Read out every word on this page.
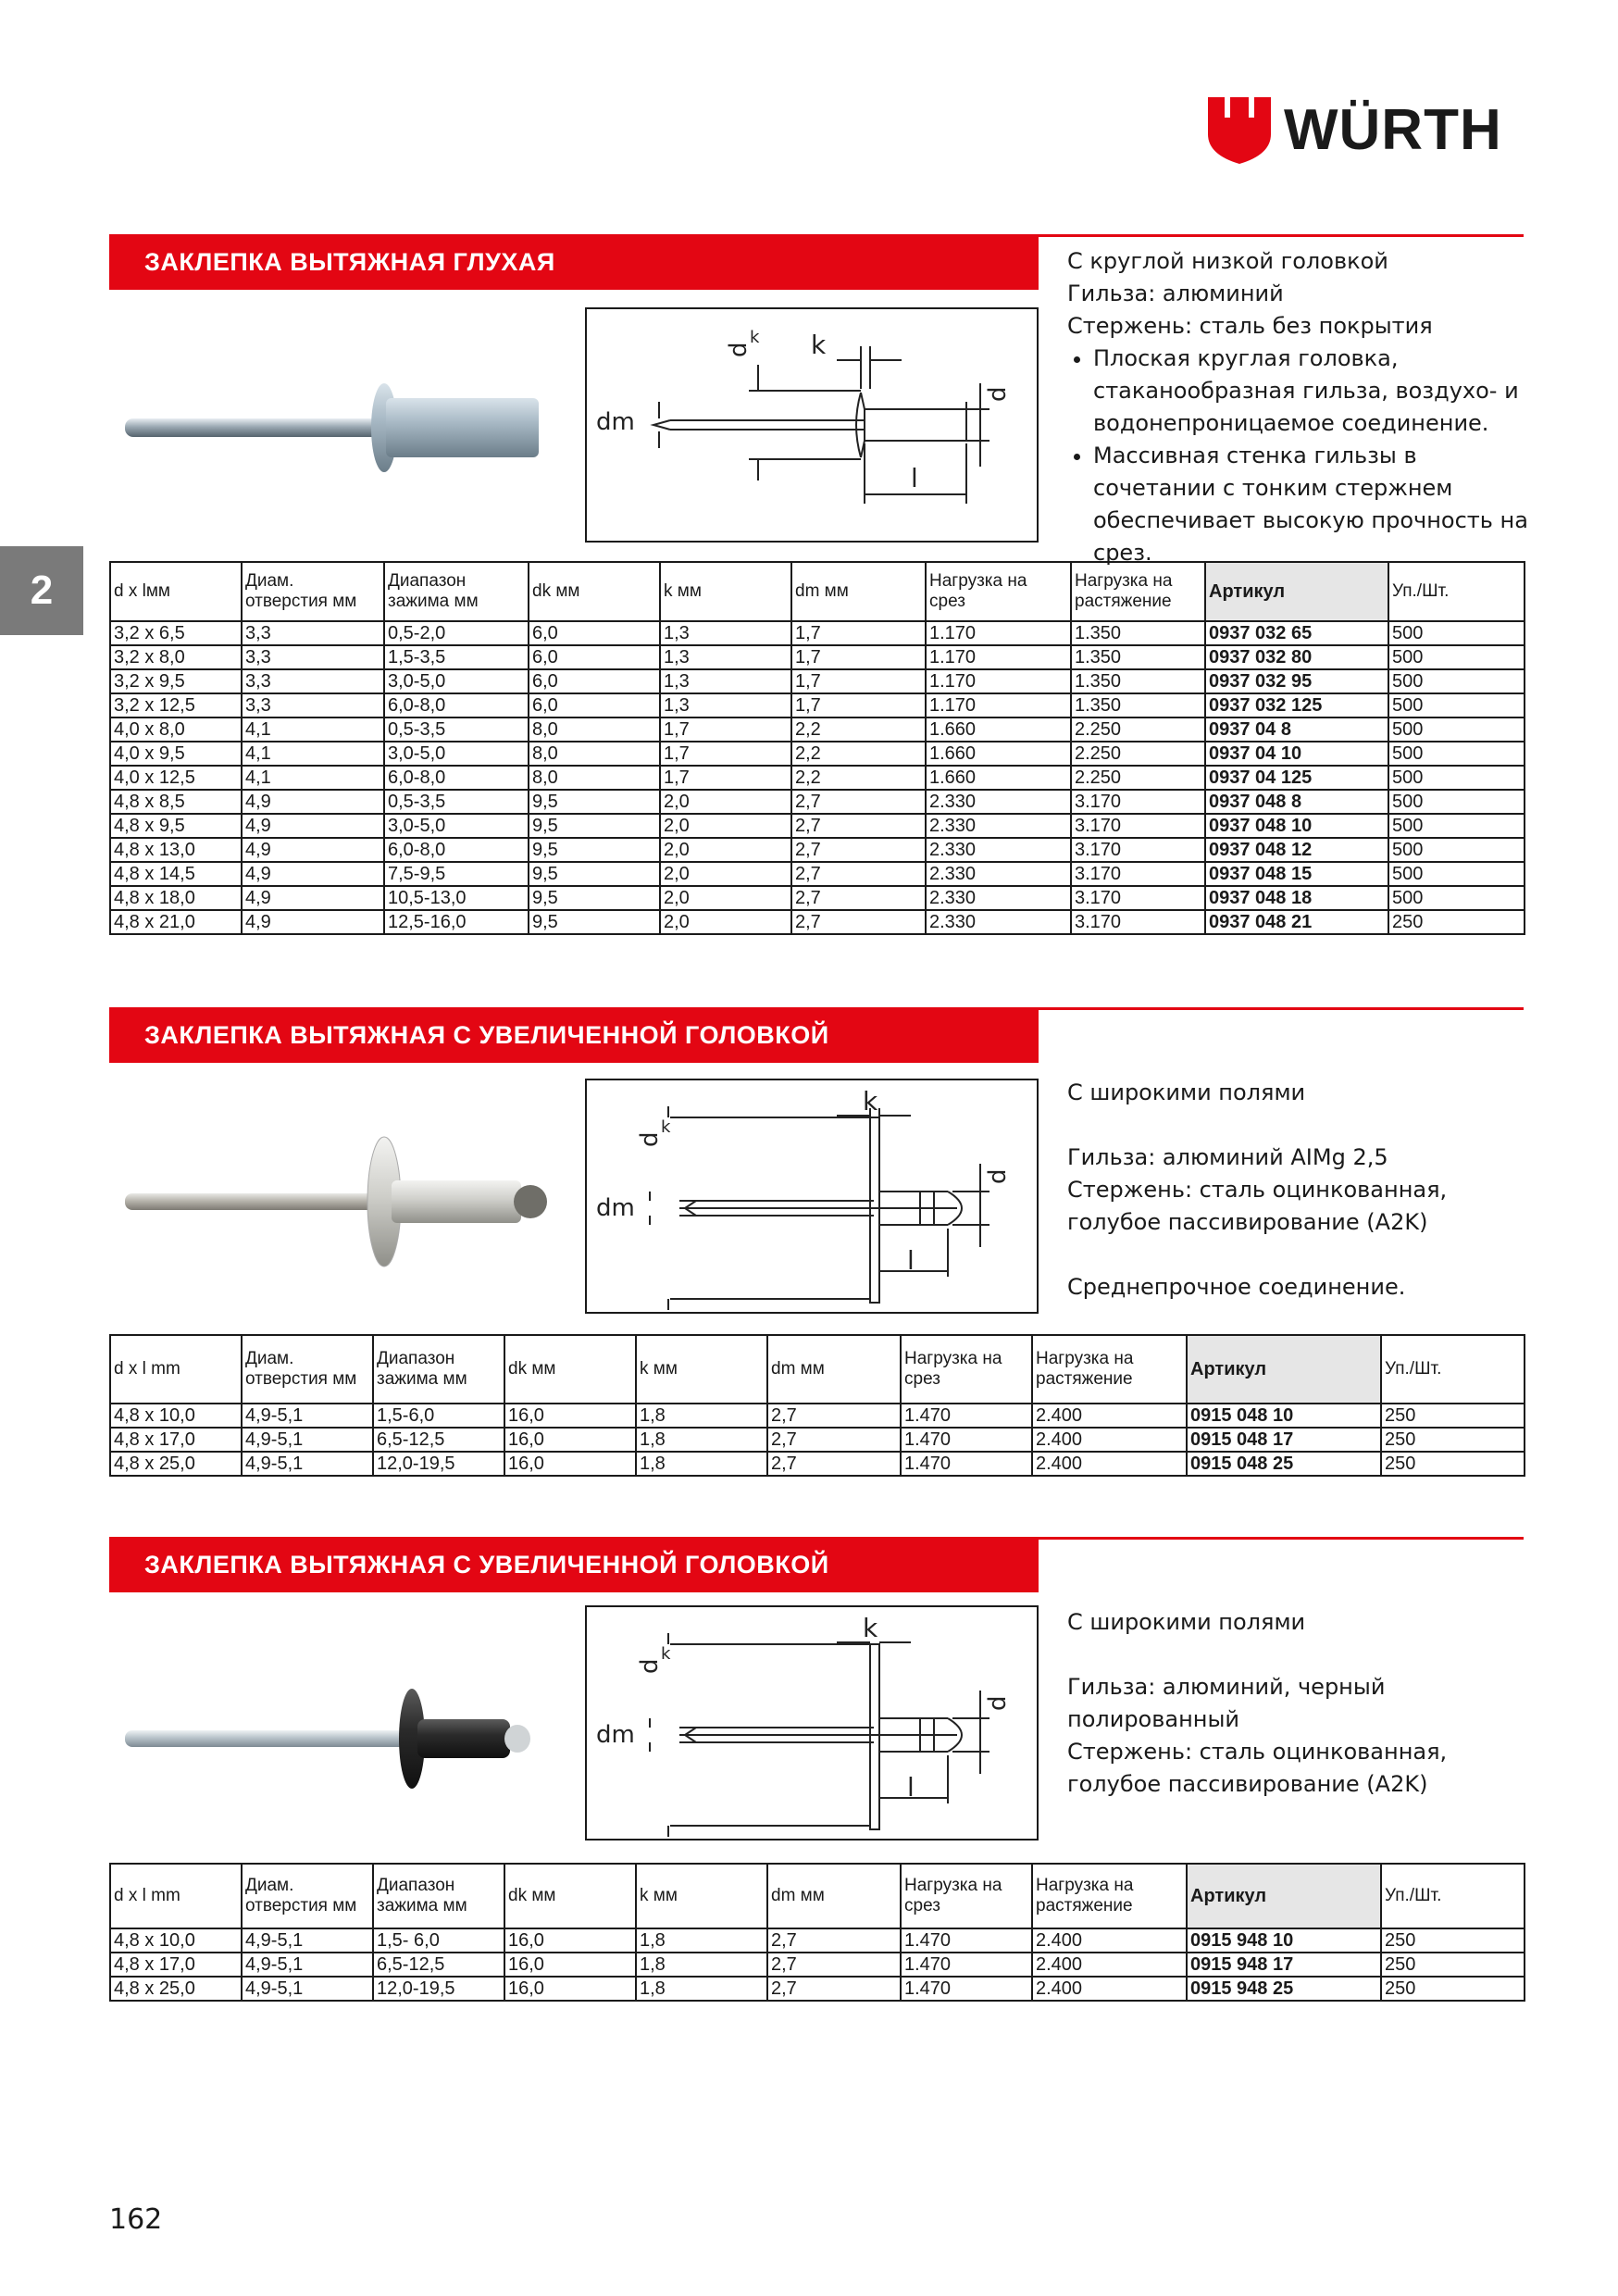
WÜRTH
2
ЗАКЛЕПКА ВЫТЯЖНАЯ ГЛУХАЯ
dm
d
k k
d
l

С круглой низкой головкой

Гильза: алюминий

Стержень: сталь без покрытия

• Плоская круглая головка, стаканообразная гильза, воздухо- и водонепроницаемое соединение.
• Массивная стенка гильзы в сочетании с тонким стержнем обеспечивает высокую прочность на срез.
d x lмм	Диам. отверстия мм	Диапазон зажима мм	dk мм	k мм	dm мм	Нагрузка на срез	Нагрузка на растяжение	Артикул	Уп./Шт.
3,2 x 6,5	3,3	0,5-2,0	6,0	1,3	1,7	1.170	1.350	0937 032 65	500
3,2 x 8,0	3,3	1,5-3,5	6,0	1,3	1,7	1.170	1.350	0937 032 80	500
3,2 x 9,5	3,3	3,0-5,0	6,0	1,3	1,7	1.170	1.350	0937 032 95	500
3,2 x 12,5	3,3	6,0-8,0	6,0	1,3	1,7	1.170	1.350	0937 032 125	500
4,0 x 8,0	4,1	0,5-3,5	8,0	1,7	2,2	1.660	2.250	0937 04 8	500
4,0 x 9,5	4,1	3,0-5,0	8,0	1,7	2,2	1.660	2.250	0937 04 10	500
4,0 x 12,5	4,1	6,0-8,0	8,0	1,7	2,2	1.660	2.250	0937 04 125	500
4,8 x 8,5	4,9	0,5-3,5	9,5	2,0	2,7	2.330	3.170	0937 048 8	500
4,8 x 9,5	4,9	3,0-5,0	9,5	2,0	2,7	2.330	3.170	0937 048 10	500
4,8 x 13,0	4,9	6,0-8,0	9,5	2,0	2,7	2.330	3.170	0937 048 12	500
4,8 x 14,5	4,9	7,5-9,5	9,5	2,0	2,7	2.330	3.170	0937 048 15	500
4,8 x 18,0	4,9	10,5-13,0	9,5	2,0	2,7	2.330	3.170	0937 048 18	500
4,8 x 21,0	4,9	12,5-16,0	9,5	2,0	2,7	2.330	3.170	0937 048 21	250
ЗАКЛЕПКА ВЫТЯЖНАЯ С УВЕЛИЧЕННОЙ ГОЛОВКОЙ
dm
d
k
k
d
l

С широкими полями

Гильза: алюминий AIMg 2,5

Стержень: сталь оцинкованная,

голубое пассивирование (A2K)

Среднепрочное соединение.

d x l mm	Диам. отверстия мм	Диапазон зажима мм	dk мм	k мм	dm мм	Нагрузка на срез	Нагрузка на растяжение	Артикул	Уп./Шт.
4,8 x 10,0	4,9-5,1	1,5-6,0	16,0	1,8	2,7	1.470	2.400	0915 048 10	250
4,8 x 17,0	4,9-5,1	6,5-12,5	16,0	1,8	2,7	1.470	2.400	0915 048 17	250
4,8 x 25,0	4,9-5,1	12,0-19,5	16,0	1,8	2,7	1.470	2.400	0915 048 25	250
ЗАКЛЕПКА ВЫТЯЖНАЯ С УВЕЛИЧЕННОЙ ГОЛОВКОЙ
dm
d
k
k
d
l

С широкими полями

Гильза: алюминий, черный

полированный

Стержень: сталь оцинкованная,

голубое пассивирование (A2K)

d x l mm	Диам. отверстия мм	Диапазон зажима мм	dk мм	k мм	dm мм	Нагрузка на срез	Нагрузка на растяжение	Артикул	Уп./Шт.
4,8 x 10,0	4,9-5,1	1,5- 6,0	16,0	1,8	2,7	1.470	2.400	0915 948 10	250
4,8 x 17,0	4,9-5,1	6,5-12,5	16,0	1,8	2,7	1.470	2.400	0915 948 17	250
4,8 x 25,0	4,9-5,1	12,0-19,5	16,0	1,8	2,7	1.470	2.400	0915 948 25	250
162
